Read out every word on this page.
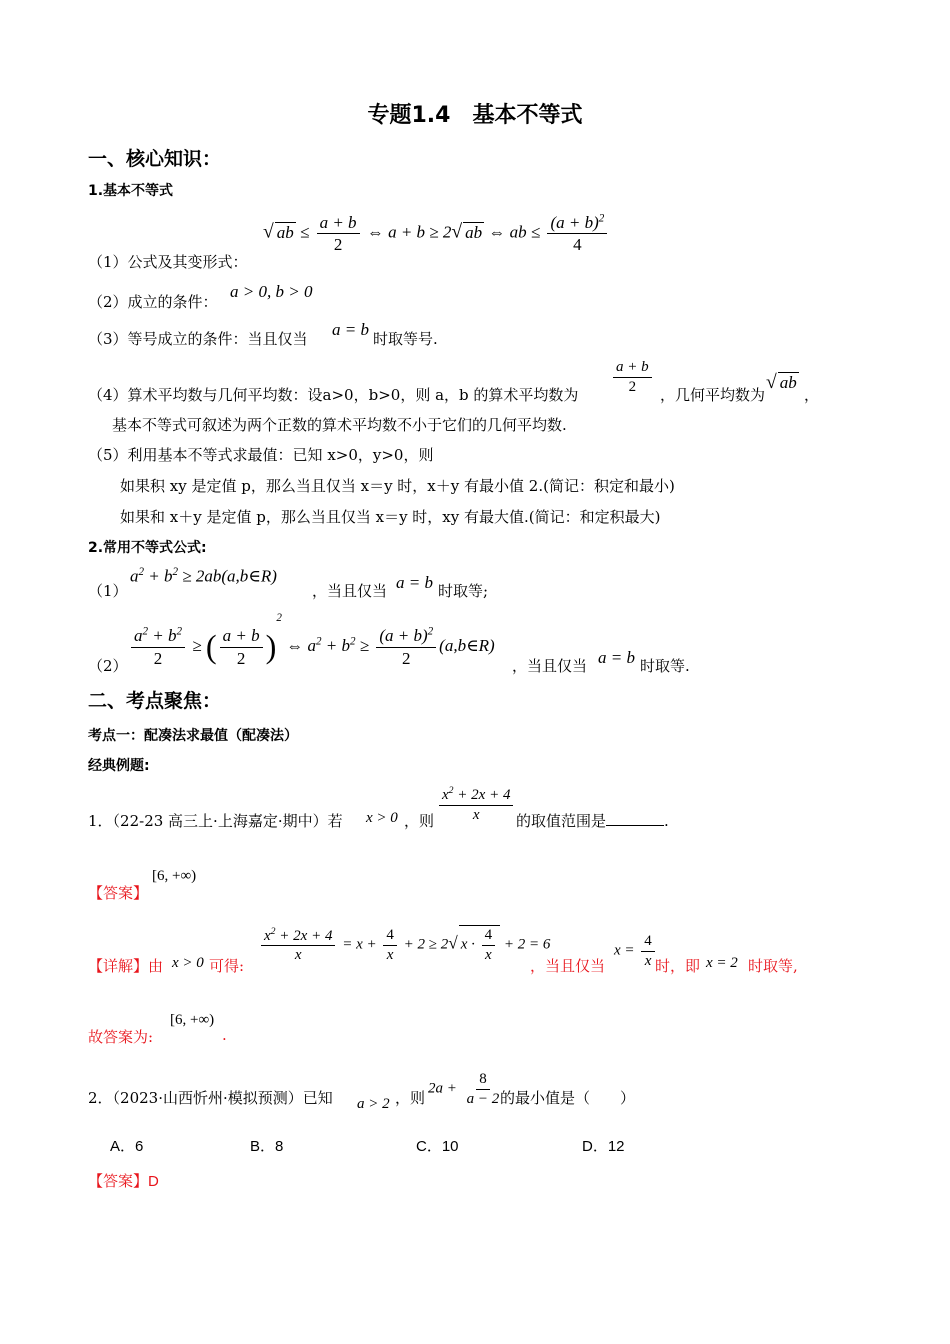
专题1.4　基本不等式
一、核心知识：
1.基本不等式
（1）公式及其变形式：
√ ab ≤ $\frac{a + b}{2}$ ⇔ a + b ≥ 2√ ab ⇔ ab ≤ $\frac{(a + b)^2}{4}$
（2）成立的条件：
a > 0, b > 0
（3）等号成立的条件：当且仅当 a = b 时取等号.
（4）算术平均数与几何平均数：设a>0，b>0，则 a，b 的算术平均数为 $\frac{a + b}{2}$ ，几何平均数为
√ ab
，
基本不等式可叙述为两个正数的算术平均数不小于它们的几何平均数.
（5）利用基本不等式求最值：已知 x>0，y>0，则
如果积 xy 是定值 p，那么当且仅当 x＝y 时，x＋y 有最小值 2.(简记：积定和最小)
如果和 x＋y 是定值 p，那么当且仅当 x＝y 时，xy 有最大值.(简记：和定积最大)
2.常用不等式公式:
（1）
$a^2 + b^2$ ≥ 2ab(a,b∈R)
，当且仅当 a = b 时取等;
$(2) \frac{a^2 + b^2}{2}$ ≥ ( $\frac{a + b}{2} )^2$ ⇔ $a^2 + b^2 \ge \frac{(a + b)^2}{2}$ (a,b∈R)
，当且仅当 a = b 时取等.
二、考点聚焦：
考点一：配凑法求最值（配凑法）
经典例题:
1．（22-23 高三上·上海嘉定·期中）若 x > 0 ，则 $\frac{x^2 + 2x + 4}{x}$ 的取值范围是	.
【答案】
[6, +∞)
【详解】由 x > 0 可得:
$\frac{x^2 + 2x + 4}{x} = x + \frac{4}{x} + 2 \ge 2√$ $x \cdot \frac{4}{x} + 2 = 6$
，当且仅当
$x = \frac{4}{x}$ 时，即 x = 2 时取等,
故答案为:
[6, +∞)
.
2．（2023·山西忻州·模拟预测）已知 a > 2 ，则
$2a + \frac{8}{a - 2}$
的最小值是（　　）
A．6	B．8	C．10	D．12
【答案】D
